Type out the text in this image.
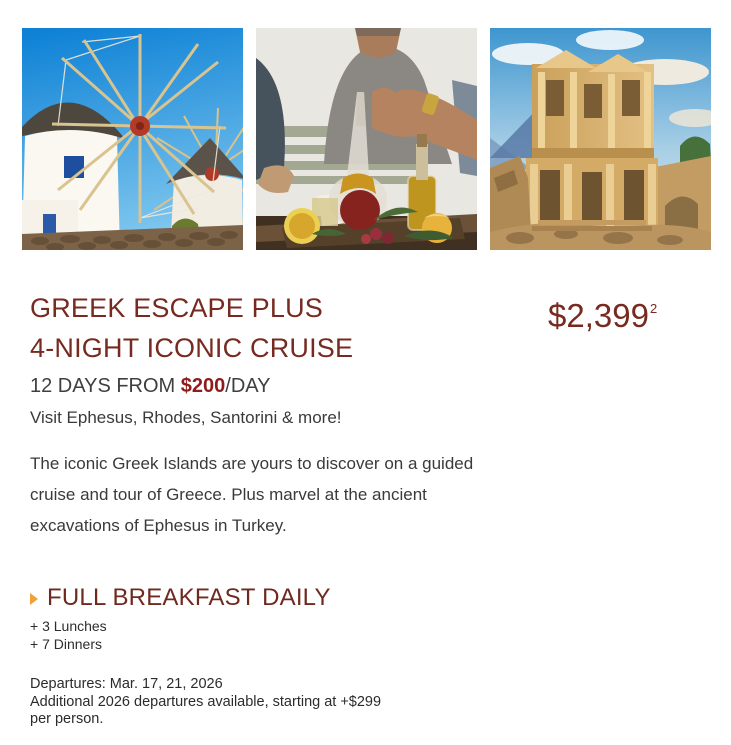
GREEK ESCAPE PLUS
4-NIGHT ICONIC CRUISE
$2,399$^2$
12 DAYS FROM $200/DAY
Visit Ephesus, Rhodes, Santorini & more!
The iconic Greek Islands are yours to discover on a guided cruise and tour of Greece. Plus marvel at the ancient excavations of Ephesus in Turkey.
FULL BREAKFAST DAILY
+ 3 Lunches
+ 7 Dinners
Departures: Mar. 17, 21, 2026
Additional 2026 departures available, starting at +$299
per person.
